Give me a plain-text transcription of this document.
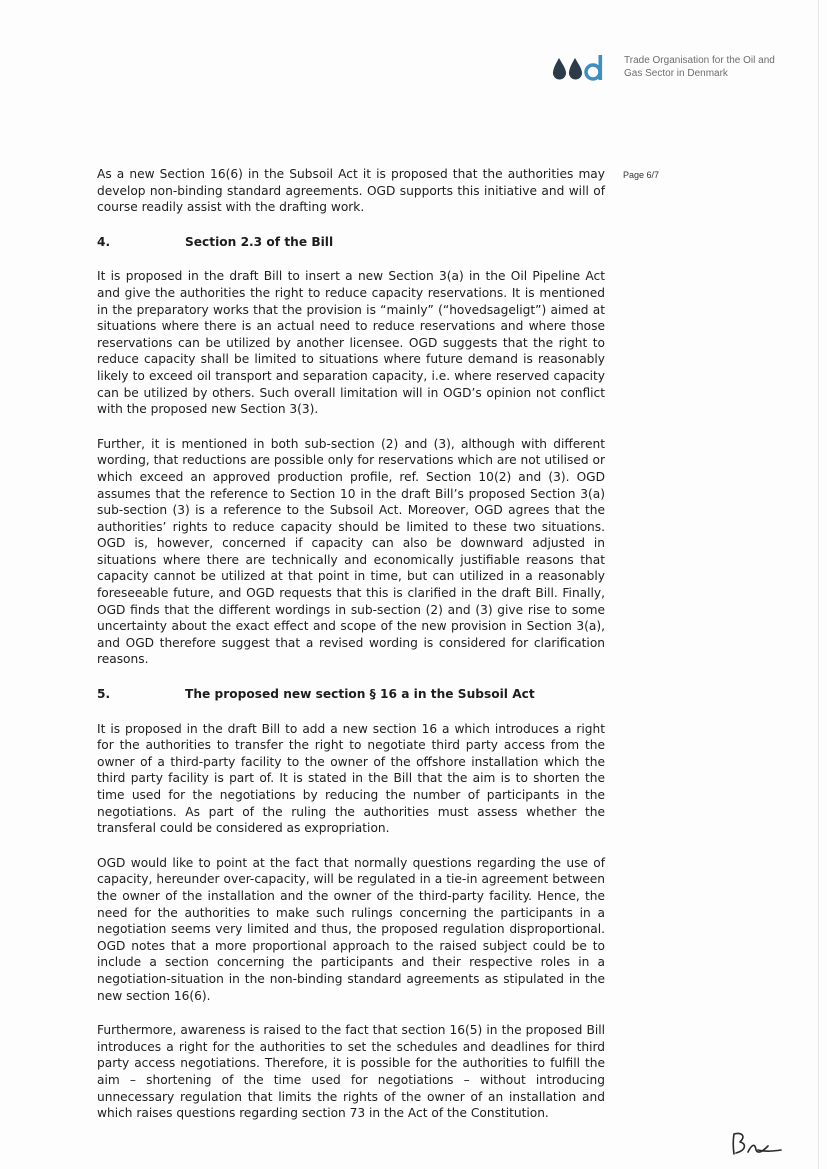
Trade Organisation for the Oil and
Gas Sector in Denmark
Page 6/7

As a new Section 16(6) in the Subsoil Act it is proposed that the authorities may develop non-binding standard agreements. OGD supports this initiative and will of course readily assist with the drafting work.

4.	Section 2.3 of the Bill

It is proposed in the draft Bill to insert a new Section 3(a) in the Oil Pipeline Act and give the authorities the right to reduce capacity reservations. It is mentioned in the preparatory works that the provision is “mainly” (“hovedsageligt”) aimed at situations where there is an actual need to reduce reservations and where those reservations can be utilized by another licensee. OGD suggests that the right to reduce capacity shall be limited to situations where future demand is reasonably likely to exceed oil transport and separation capacity, i.e. where reserved capacity can be utilized by others. Such overall limitation will in OGD’s opinion not conflict with the proposed new Section 3(3).

Further, it is mentioned in both sub-section (2) and (3), although with different wording, that reductions are possible only for reservations which are not utilised or which exceed an approved production profile, ref. Section 10(2) and (3). OGD assumes that the reference to Section 10 in the draft Bill’s proposed Section 3(a) sub-section (3) is a reference to the Subsoil Act. Moreover, OGD agrees that the authorities’ rights to reduce capacity should be limited to these two situations. OGD is, however, concerned if capacity can also be downward adjusted in situations where there are technically and economically justifiable reasons that capacity cannot be utilized at that point in time, but can utilized in a reasonably foreseeable future, and OGD requests that this is clarified in the draft Bill. Finally, OGD finds that the different wordings in sub-section (2) and (3) give rise to some uncertainty about the exact effect and scope of the new provision in Section 3(a), and OGD therefore suggest that a revised wording is considered for clarification reasons.

5.	The proposed new section § 16 a in the Subsoil Act

It is proposed in the draft Bill to add a new section 16 a which introduces a right for the authorities to transfer the right to negotiate third party access from the owner of a third-party facility to the owner of the offshore installation which the third party facility is part of. It is stated in the Bill that the aim is to shorten the time used for the negotiations by reducing the number of participants in the negotiations. As part of the ruling the authorities must assess whether the transferal could be considered as expropriation.

OGD would like to point at the fact that normally questions regarding the use of capacity, hereunder over-capacity, will be regulated in a tie-in agreement between the owner of the installation and the owner of the third-party facility. Hence, the need for the authorities to make such rulings concerning the participants in a negotiation seems very limited and thus, the proposed regulation disproportional. OGD notes that a more proportional approach to the raised subject could be to include a section concerning the participants and their respective roles in a negotiation-situation in the non-binding standard agreements as stipulated in the new section 16(6).

Furthermore, awareness is raised to the fact that section 16(5) in the proposed Bill introduces a right for the authorities to set the schedules and deadlines for third party access negotiations. Therefore, it is possible for the authorities to fulfill the aim – shortening of the time used for negotiations – without introducing unnecessary regulation that limits the rights of the owner of an installation and which raises questions regarding section 73 in the Act of the Constitution.
